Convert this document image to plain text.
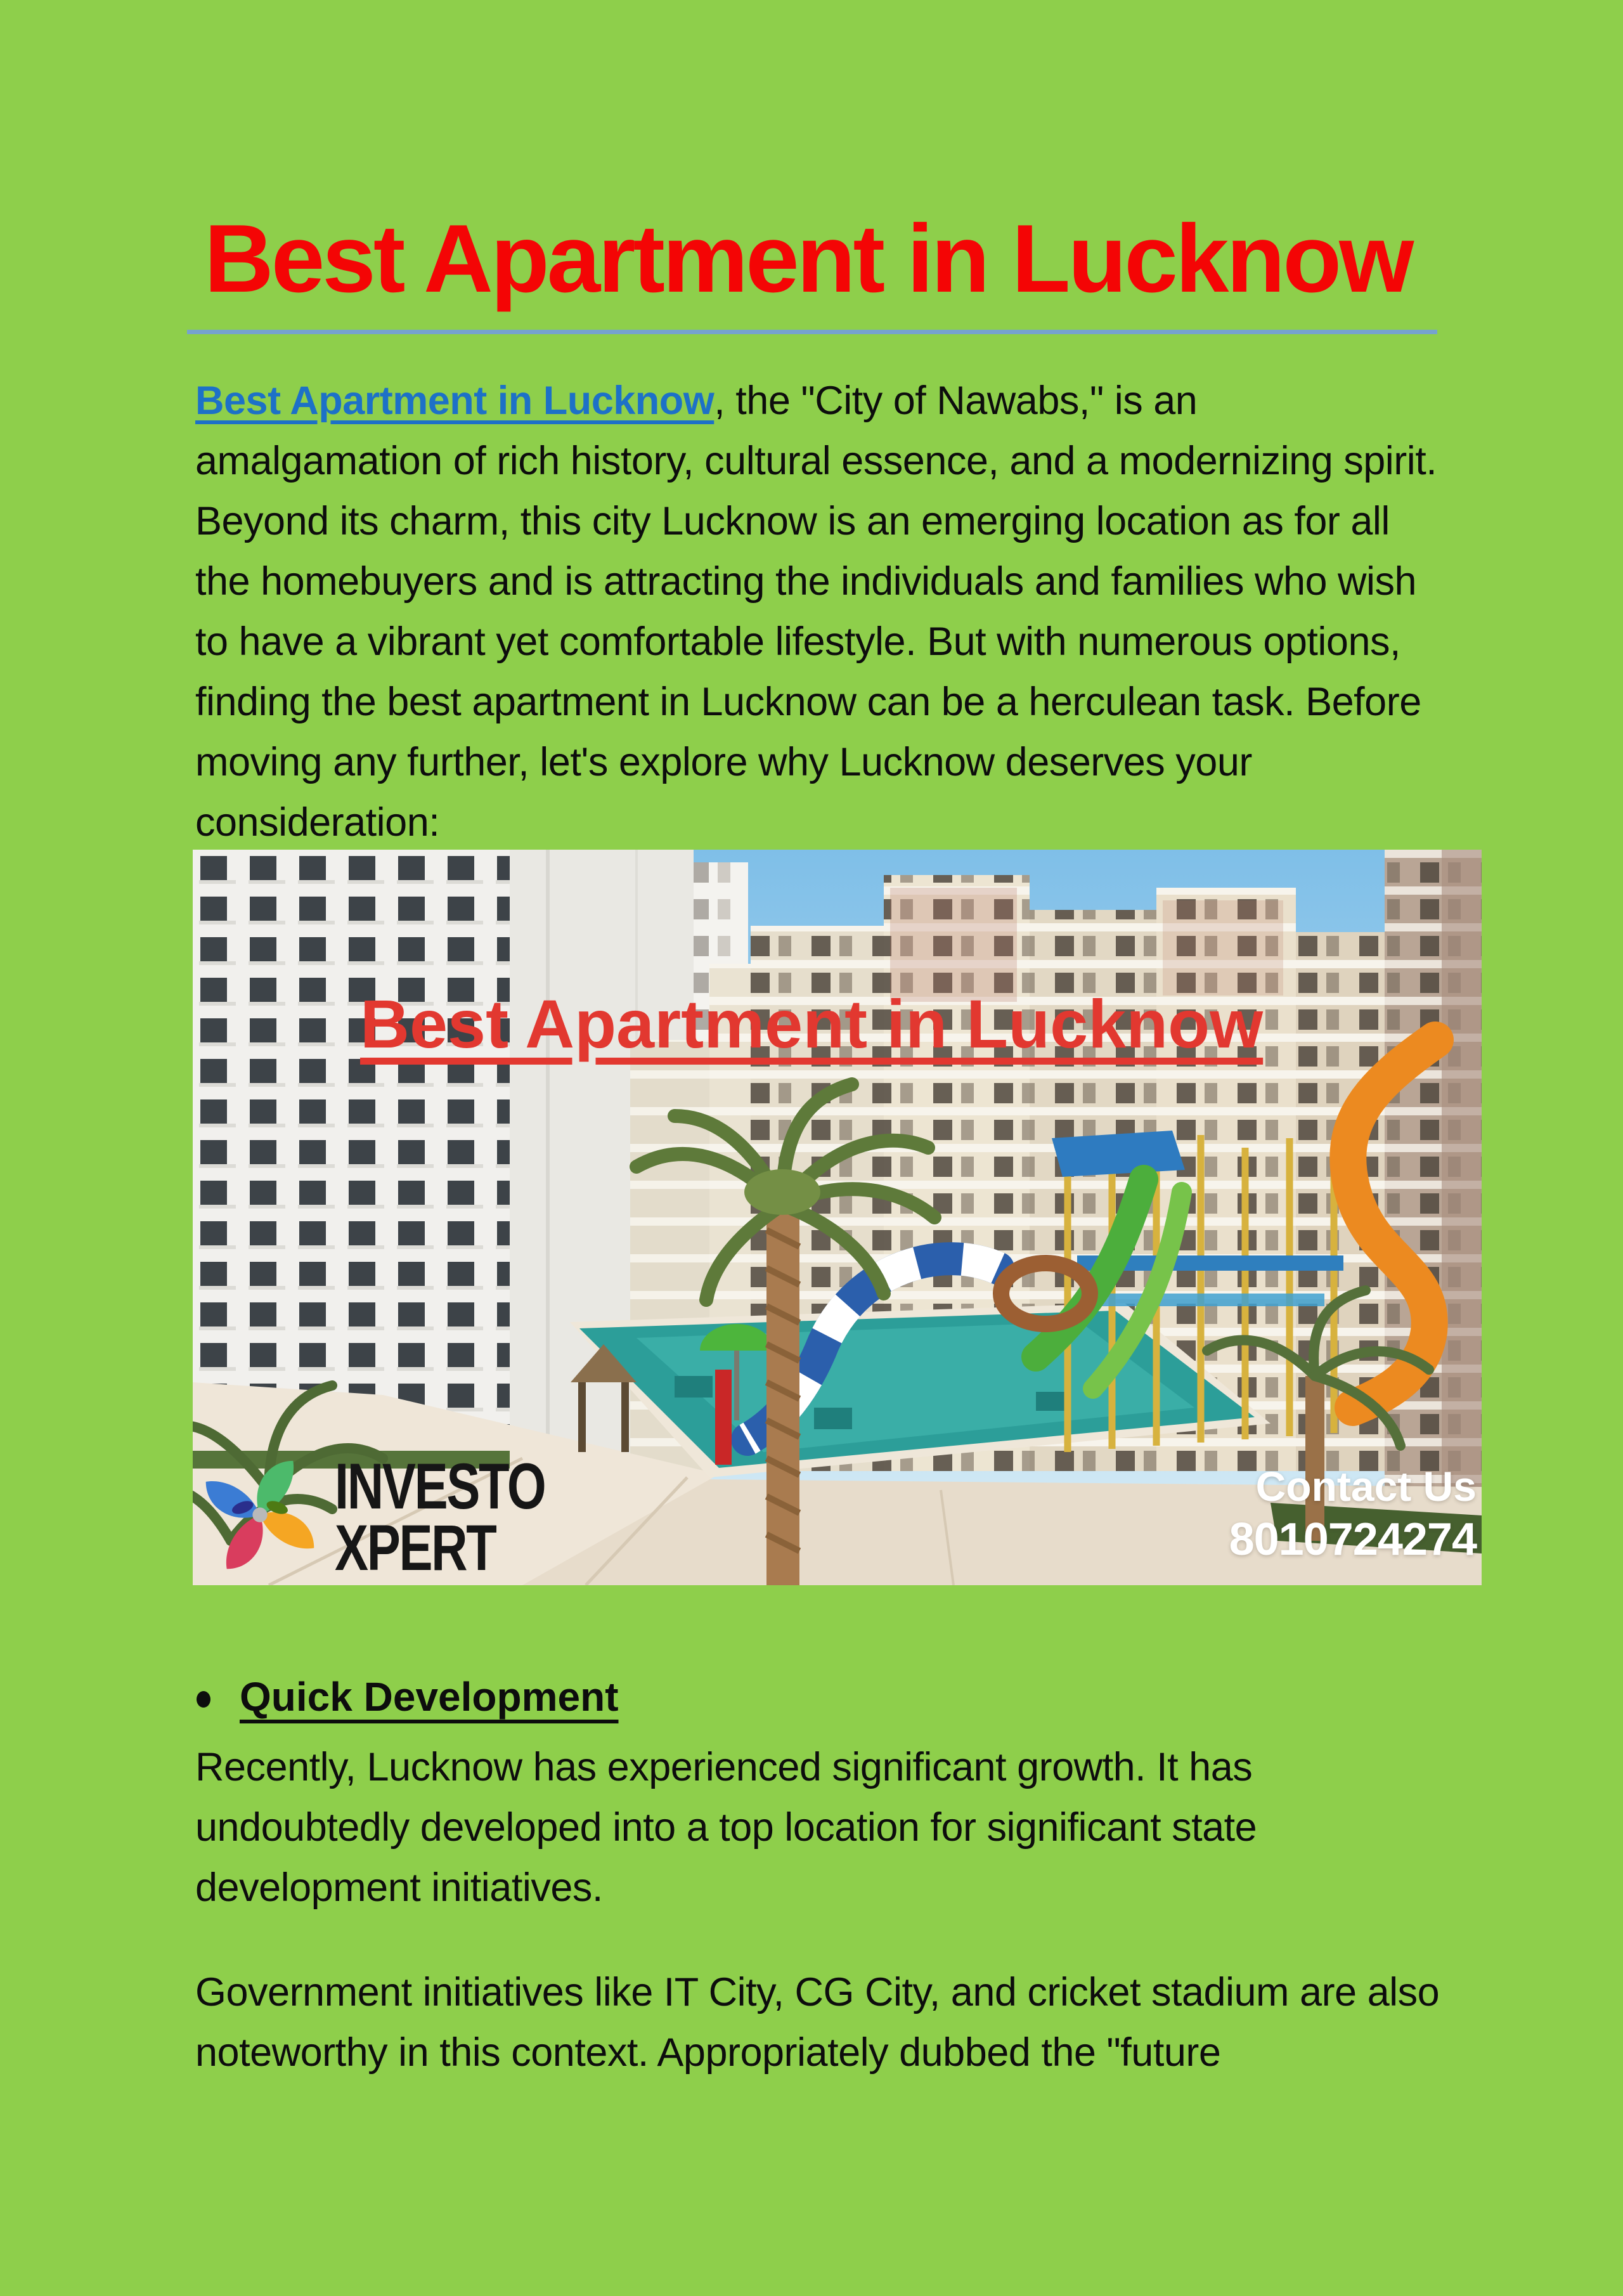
Best Apartment in Lucknow

Best Apartment in Lucknow, the "City of Nawabs," is an amalgamation of rich history, cultural essence, and a modernizing spirit. Beyond its charm, this city Lucknow is an emerging location as for all the homebuyers and is attracting the individuals and families who wish to have a vibrant yet comfortable lifestyle. But with numerous options, finding the best apartment in Lucknow can be a herculean task. Before moving any further, let's explore why Lucknow deserves your consideration:

Best Apartment in Lucknow
INVESTO
XPERT
Contact Us
8010724274
Quick Development

Recently, Lucknow has experienced significant growth. It has undoubtedly developed into a top location for significant state development initiatives.

Government initiatives like IT City, CG City, and cricket stadium are also noteworthy in this context. Appropriately dubbed the "future
